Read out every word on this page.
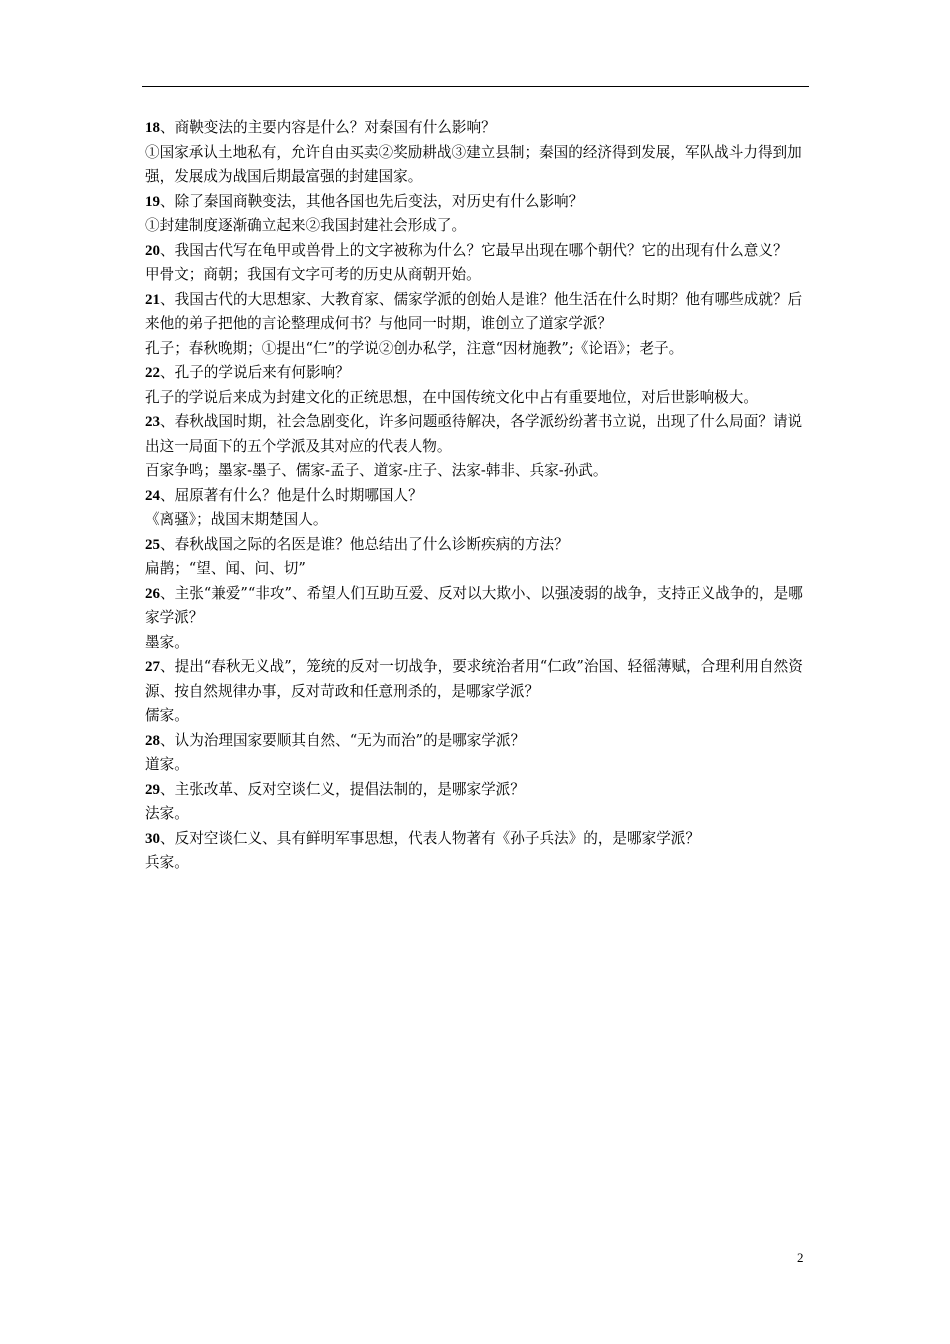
18、商鞅变法的主要内容是什么？对秦国有什么影响？

①国家承认土地私有，允许自由买卖②奖励耕战③建立县制；秦国的经济得到发展，军队战斗力得到加强，发展成为战国后期最富强的封建国家。

19、除了秦国商鞅变法，其他各国也先后变法，对历史有什么影响？

①封建制度逐渐确立起来②我国封建社会形成了。

20、我国古代写在龟甲或兽骨上的文字被称为什么？它最早出现在哪个朝代？它的出现有什么意义？

甲骨文；商朝；我国有文字可考的历史从商朝开始。

21、我国古代的大思想家、大教育家、儒家学派的创始人是谁？他生活在什么时期？他有哪些成就？后来他的弟子把他的言论整理成何书？与他同一时期，谁创立了道家学派？

孔子；春秋晚期；①提出“仁”的学说②创办私学，注意“因材施教”;《论语》；老子。

22、孔子的学说后来有何影响？

孔子的学说后来成为封建文化的正统思想，在中国传统文化中占有重要地位，对后世影响极大。

23、春秋战国时期，社会急剧变化，许多问题亟待解决，各学派纷纷著书立说，出现了什么局面？请说出这一局面下的五个学派及其对应的代表人物。

百家争鸣；墨家-墨子、儒家-孟子、道家-庄子、法家-韩非、兵家-孙武。

24、屈原著有什么？他是什么时期哪国人？

《离骚》；战国末期楚国人。

25、春秋战国之际的名医是谁？他总结出了什么诊断疾病的方法？

扁鹊；“望、闻、问、切”

26、主张“兼爱”“非攻”、希望人们互助互爱、反对以大欺小、以强凌弱的战争，支持正义战争的，是哪家学派？

墨家。

27、提出“春秋无义战”，笼统的反对一切战争，要求统治者用“仁政”治国、轻徭薄赋，合理利用自然资源、按自然规律办事，反对苛政和任意刑杀的，是哪家学派？

儒家。

28、认为治理国家要顺其自然、“无为而治”的是哪家学派？

道家。

29、主张改革、反对空谈仁义，提倡法制的，是哪家学派？

法家。

30、反对空谈仁义、具有鲜明军事思想，代表人物著有《孙子兵法》的，是哪家学派？

兵家。

2
